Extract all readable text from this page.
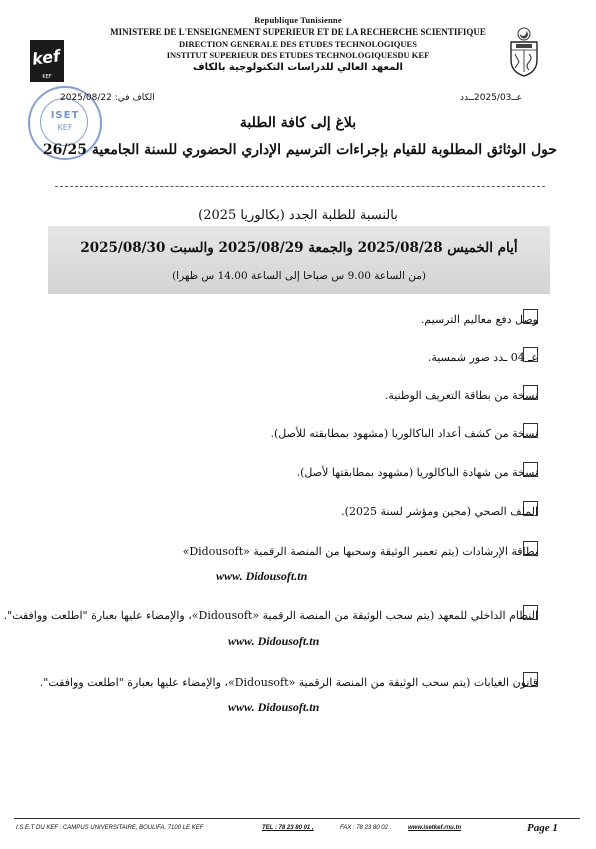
Republique Tunisienne
MINISTERE DE L'ENSEIGNEMENT SUPERIEUR ET DE LA RECHERCHE SCIENTIFIQUE
DIRECTION GENERALE DES ETUDES TECHNOLOGIQUES
INSTITUT SUPERIEUR DES ETUDES TECHNOLOGIQUESDU KEF
المعهد العالي للدراسات التكنولوجية بالكاف
kef
KEF
ISET
KEF
الكاف في: 2025/08/22	عــ2025/03ــدد
بلاغ إلى كافة الطلبة
حول الوثائق المطلوبة للقيام بإجراءات الترسيم الإداري الحضوري للسنة الجامعية 26/25
بالنسبة للطلبة الجدد (بكالوريا 2025)
أيام الخميس 2025/08/28 والجمعة 2025/08/29 والسبت 2025/08/30
(من الساعة 9.00 س صباحا إلى الساعة 14.00 س ظهرا)
وصل دفع معاليم الترسيم.
عـ 04 ـدد صور شمسية.
نسخة من بطاقة التعريف الوطنية.
نسخة من كشف أعداد الباكالوريا (مشهود بمطابقته للأصل).
نسخة من شهادة الباكالوريا (مشهود بمطابقتها لأصل).
الملف الصحي (محين ومؤشر لسنة 2025).
بطاقة الإرشادات (يتم تعمير الوثيقة وسحبها من المنصة الرقمية «Didousoft»
www. Didousoft.tn
النظام الداخلي للمعهد (يتم سحب الوثيقة من المنصة الرقمية «Didousoft»، والإمضاء عليها بعبارة "اطلعت ووافقت".
www. Didousoft.tn
قانون الغيابات (يتم سحب الوثيقة من المنصة الرقمية «Didousoft»، والإمضاء عليها بعبارة "اطلعت ووافقت".
www. Didousoft.tn
I.S.E.T DU KEF : CAMPUS UNIVERSITAIRE, BOULIFA, 7100 LE KEF	TEL : 78 23 80 01 ,	FAX : 78 23 80 02 ,	www.isetkef.rnu.tn	Page 1
